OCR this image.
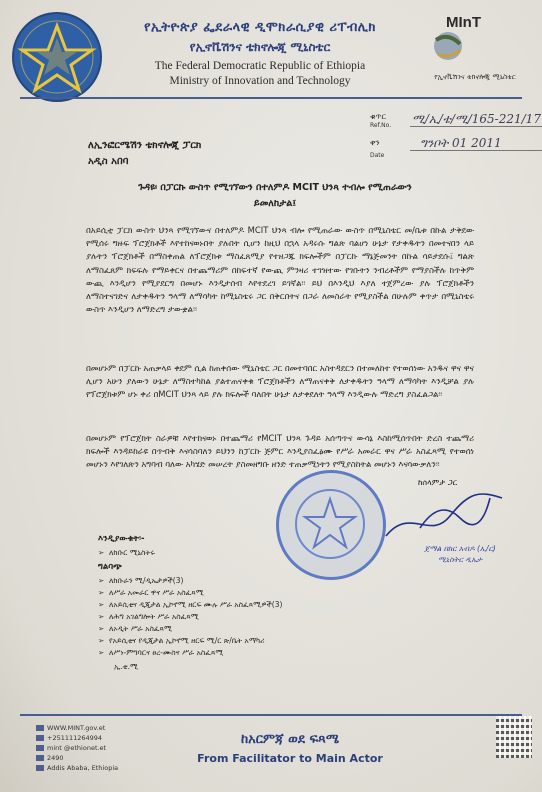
የኢትዮጵያ ፌደራላዊ ዲሞክራሲያዊ ሪፐብሊክ
የኢኖቬሽንና ቴክኖሎጂ ሚኒስቴር
The Federal Democratic Republic of Ethiopia
Ministry of Innovation and Technology
MInT
የኢኖቬሽንና ቴክኖሎጂ ሚኒስቴር
ቁጥር
Ref.No. ሚ/ኢ/ቴ/ሚ/165-221/17
ቀን
Date
ግንቦት 01 2011
ለኢንፎርሜሽን ቴክኖሎጂ ፓርክ
አዲስ አበባ
ጉዳዩ፡ በፓርኩ ውስጥ የሚገኘውን በተለምዶ MCIT ህንጻ ተብሎ የሚጠራውን
ይመለከታል፤
በአይሲቲ ፓርክ ውስጥ ህንጻ የሚገኘውና በተለምዶ MCIT ህንጻ ብሎ የሚጠራው ውስጥ በሚኒስቴር መ/ቤቱ በኩል ታቅደው የሚሰሩ ግዙፍ ፕሮጀክቶች እየተከናወኑበት ያሉበት ሲሆን ከዚህ በኋላ አዳሩሱ ግልጽ ባልሆነ ሁኔታ የታቀዱትን በመተናበን ላይ ያሉትን ፕሮጀክቶች በማስቀጠል ለፕሮጀክቱ ማስፈጸሚያ የተዘጋጁ ክፍሎችም በፓርኩ ማኔጅመንት በኩል ሳይታደሱ፤ ግልጽ ለማስፈጸም ክፍፍሉ የማይቀርና በተጨማሪም በከፍተኛ የውጪ ምንዛሪ ተገዝተው የገቡትን ንብረቶችም የማያስችሉ ከጥቅም ውጪ እንዲሆን የሚያደርግ በመሆኑ እንዲታሰብ እየተደረገ ይገኛል፡፡ ይህ በእንዲህ እያለ ተጀምረው ያሉ ፕሮጀክቶችን ለማስተናገድና ለታቀዱትን ዓላማ ለማሳካት ከሚኒስቴሩ ጋር በቅርበትና በጋራ ለመስራት የሚያስችል በሁሉም ቀጥታ በሚኒስቴሩ ውስጥ እንዲሆን ለማድረግ ታውቋል፡፡
በመሆኑም በፓርኩ አጠቃላይ ቀደም ሲል ከጠቀሰው ሚኒስቴር ጋር በመተባበር አስተዳደርን በተመለከተ የተወሰነው አንዱና ዋና ዋና ሊሆን አሁን ያለውን ሁኔታ ለማስተካከል ያልተጠናቀቁ ፕሮጀክቶችን ለማጠናቀቅ ለታቀዱትን ዓላማ ለማሳካት እንዲቻል ያሉ የፕሮጀክቱም ሆኑ ቀሪ በMCIT ህንጻ ላይ ያሉ ክፍሎች ባለበት ሁኔታ ለታቀደለት ዓላማ እንዲውሉ ማድረግ ያስፈልጋል፡፡
በመሆኑም የፕሮጀክት ስራዎቹ እየተከናወኑ በተጨማሪ የMCIT ህንጻ ጉዳይ አሰጣጥና ውሳኔ እስከሚሰጥበት ድረስ ተጨማሪ ክፍሎች እንዳይከራዩ በጥብቅ እናሳስባለን ይህንን ከፓርኩ ጅምር እንዲያስፈፅሙ የሥራ አመራር ዋና ሥራ አስፈጻሚ የተወሰነ መሆኑን እየገለጽን አግባብ ባለው አካሄድ መሠረት ያስመዘግቡ ዘንድ ተጠቃሚነትን የሚያስከትል መሆኑን እናሳውቃለን፡፡
ከሰላምታ ጋር
ጀማል በከር አብዶ (ኢ/ር)
ሚኒስትር ዲኤታ
እንዲያውቁት፡-
➢ ለክቡር ሚኒስትሩ
ግልባጭ
➢ ለክቡራን ሚ/ዲኤታዎች(3)
➢ ለሥራ አመራር ዋና ሥራ አስፈጻሚ
➢ ለአይሲቲና ዲጂታል ኢኮኖሚ ዘርፍ ሙሉ ሥራ አስፈጻሚዎች(3)
➢ ለሕግ አገልግሎት ሥራ አስፈጻሚ
➢ ለኦዲት ሥራ አስፈጻሚ
➢ የአይሲቲና የዲጂታል ኢኮኖሚ ዘርፍ ሚ/ር ጽ/ቤት አማካሪ
➢ ለሥነ-ምግባርና ፀረ-ሙስና ሥራ አስፈጻሚ
ኢ.ቲ.ሚ
WWW.MINT.gov.et
+251111264994
mint @ethionet.et
2490
Addis Ababa, Ethiopia
ከአርምጃ ወደ ፍጻሜ
From Facilitator to Main Actor
